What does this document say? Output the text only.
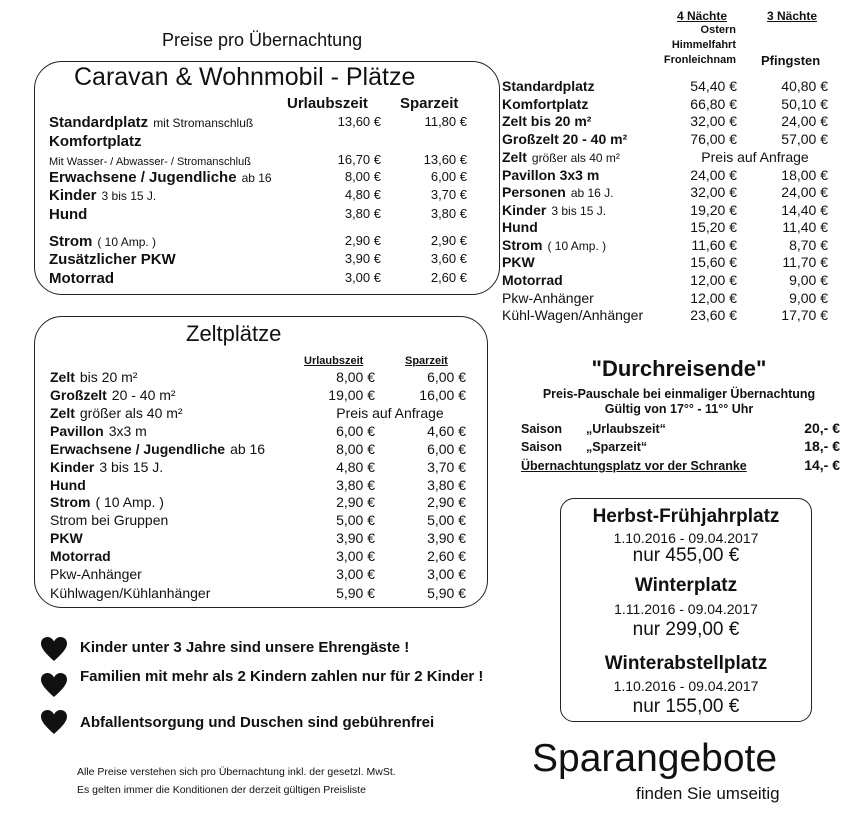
Preise pro Übernachtung
Caravan & Wohnmobil - Plätze
Urlaubszeit Sparzeit
Standardplatz mit Stromanschluß	13,60 €	11,80 €
Komfortplatz
Mit Wasser- / Abwasser- / Stromanschluß	16,70 €	13,60 €
Erwachsene / Jugendliche ab 16	8,00 €	6,00 €
Kinder 3 bis 15 J.	4,80 €	3,70 €
Hund	3,80 €	3,80 €
Strom ( 10 Amp. )	2,90 €	2,90 €
Zusätzlicher PKW	3,90 €	3,60 €
Motorrad	3,00 €	2,60 €
Zeltplätze
Urlaubszeit	Sparzeit
Zelt bis 20 m²	8,00 €	6,00 €
Großzelt 20 - 40 m²	19,00 €	16,00 €
Zelt größer als 40 m²	Preis auf Anfrage
Pavillon 3x3 m	6,00 €	4,60 €
Erwachsene / Jugendliche ab 16	8,00 €	6,00 €
Kinder 3 bis 15 J.	4,80 €	3,70 €
Hund	3,80 €	3,80 €
Strom ( 10 Amp. )	2,90 €	2,90 €
Strom bei Gruppen	5,00 €	5,00 €
PKW	3,90 €	3,90 €
Motorrad	3,00 €	2,60 €
Pkw-Anhänger	3,00 €	3,00 €
Kühlwagen/Kühlanhänger	5,90 €	5,90 €
4 Nächte	3 Nächte
Ostern
Himmelfahrt
Fronleichnam Pfingsten
Standardplatz	54,40 €	40,80 €
Komfortplatz	66,80 €	50,10 €
Zelt bis 20 m²	32,00 €	24,00 €
Großzelt 20 - 40 m²	76,00 €	57,00 €
Zelt größer als 40 m²	Preis auf Anfrage
Pavillon 3x3 m	24,00 €	18,00 €
Personen ab 16 J.	32,00 €	24,00 €
Kinder 3 bis 15 J.	19,20 €	14,40 €
Hund	15,20 €	11,40 €
Strom ( 10 Amp. )	11,60 €	8,70 €
PKW	15,60 €	11,70 €
Motorrad	12,00 €	9,00 €
Pkw-Anhänger	12,00 €	9,00 €
Kühl-Wagen/Anhänger	23,60 €	17,70 €
"Durchreisende"
Preis-Pauschale bei einmaliger Übernachtung
Gültig von 17°° - 11°° Uhr
Saison „Urlaubszeit“	20,- €
Saison „Sparzeit“	18,- €
Übernachtungsplatz vor der Schranke	14,- €
Herbst-Frühjahrplatz
1.10.2016 - 09.04.2017
nur 455,00 €
Winterplatz
1.11.2016 - 09.04.2017
nur 299,00 €
Winterabstellplatz
1.10.2016 - 09.04.2017
nur 155,00 €
Kinder unter 3 Jahre sind unsere Ehrengäste !
Familien mit mehr als 2 Kindern zahlen nur für 2 Kinder !
Abfallentsorgung und Duschen sind gebührenfrei
Alle Preise verstehen sich pro Übernachtung inkl. der gesetzl. MwSt.
Es gelten immer die Konditionen der derzeit gültigen Preisliste
Sparangebote
finden Sie umseitig
